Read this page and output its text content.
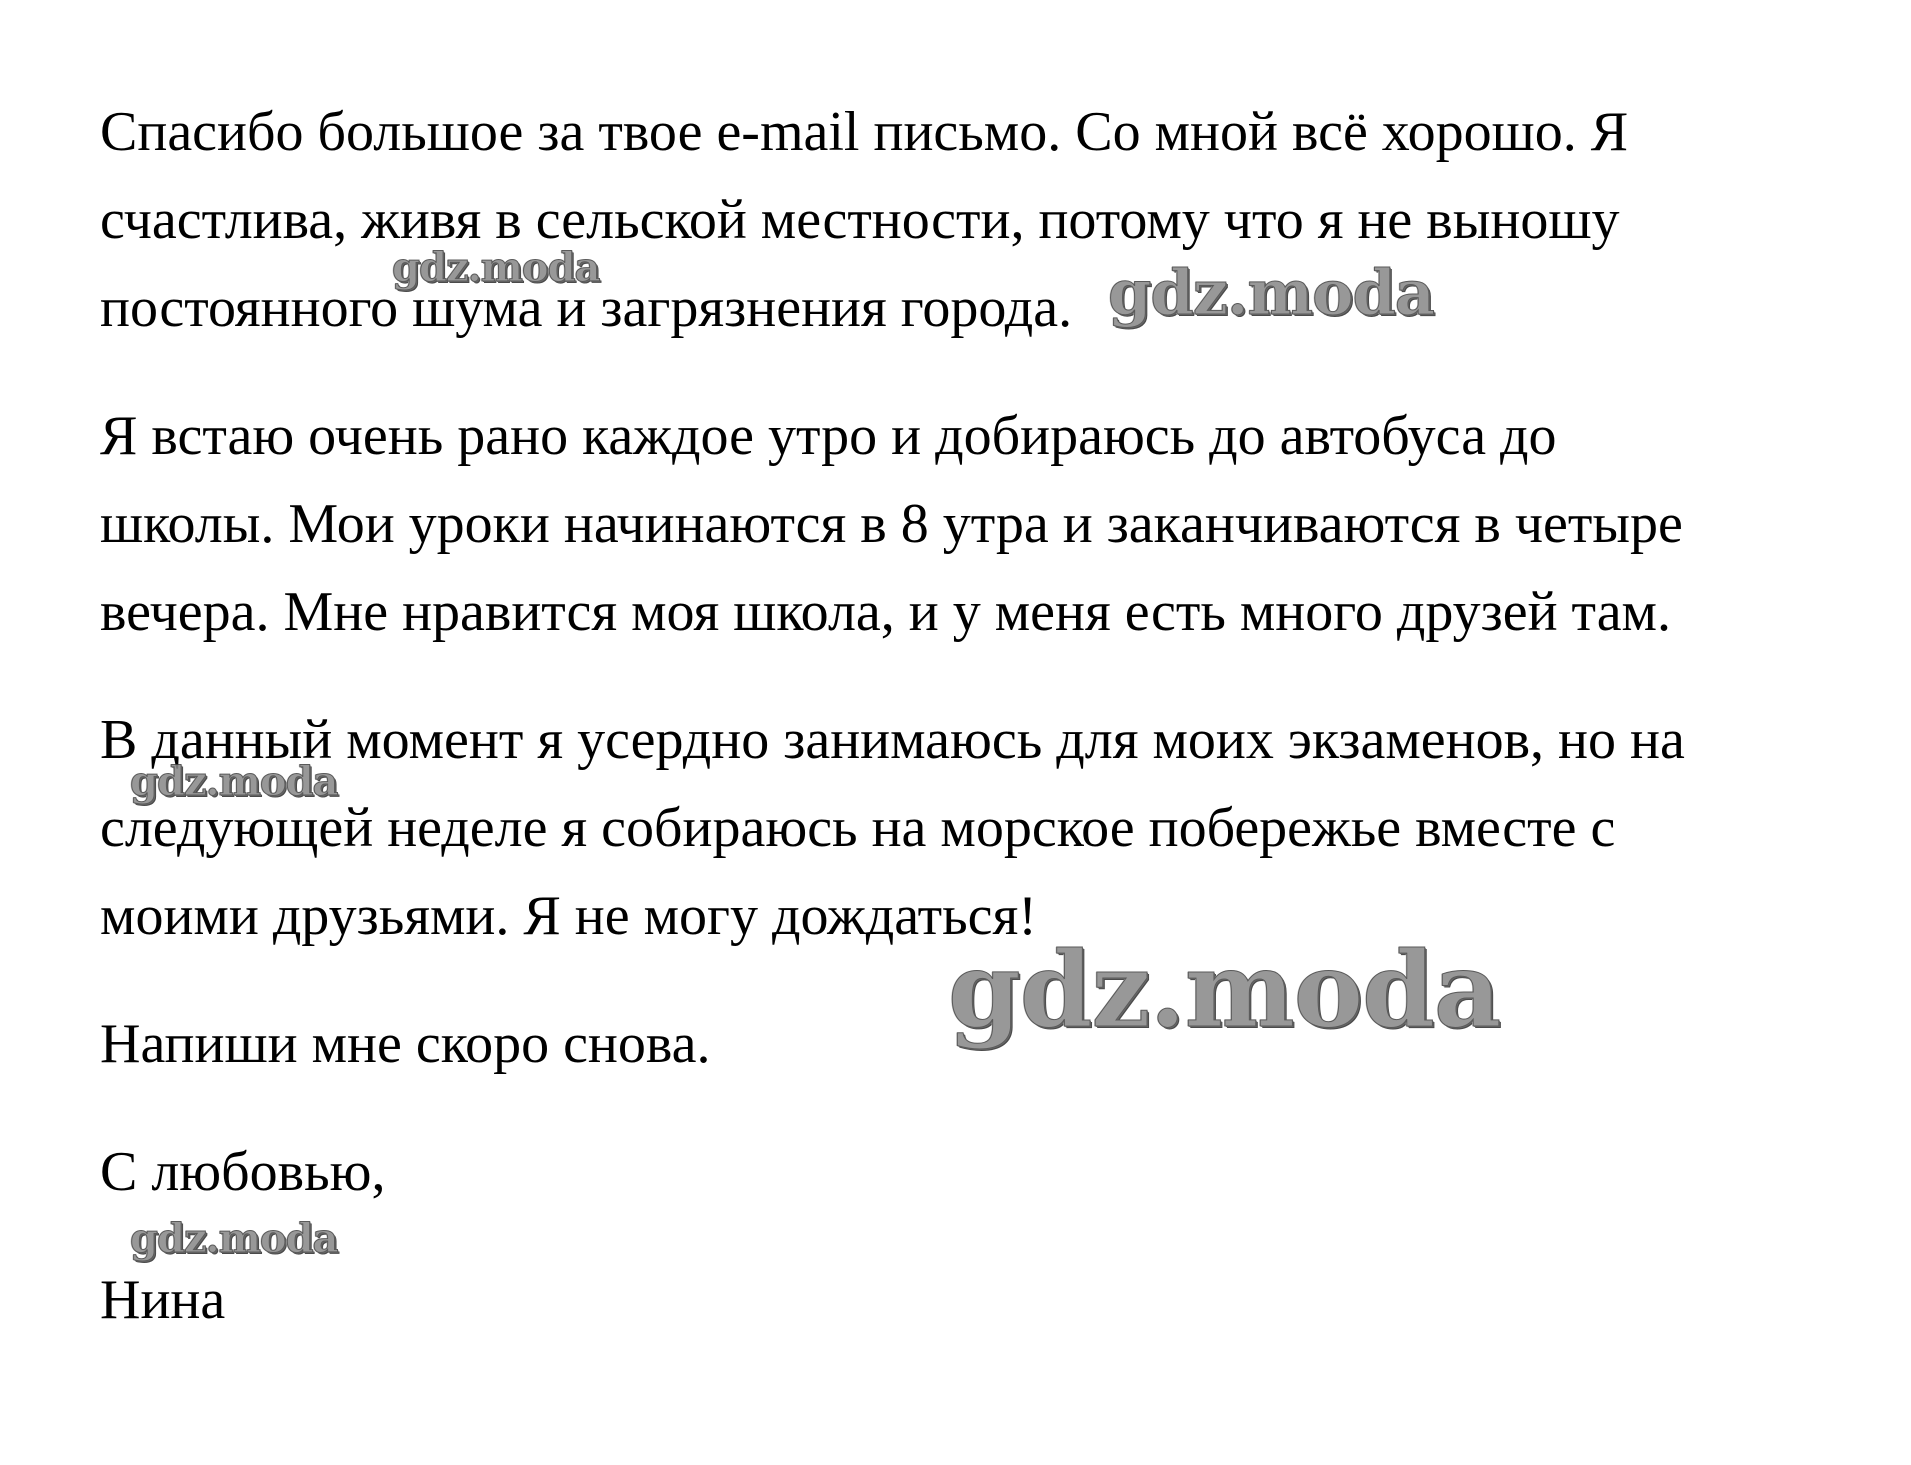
Спасибо большое за твое e-mail письмо. Со мной всё хорошо. Я
счастлива, живя в сельской местности, потому что я не выношу
постоянного шума и загрязнения города.

Я встаю очень рано каждое утро и добираюсь до автобуса до
школы. Мои уроки начинаются в 8 утра и заканчиваются в четыре
вечера. Мне нравится моя школа, и у меня есть много друзей там.

В данный момент я усердно занимаюсь для моих экзаменов, но на
следующей неделе я собираюсь на морское побережье вместе с
моими друзьями. Я не могу дождаться!

Напиши мне скоро снова.

С любовью,

Нина

gdz.moda	gdz.moda
gdz.moda
gdz.moda
gdz.moda
